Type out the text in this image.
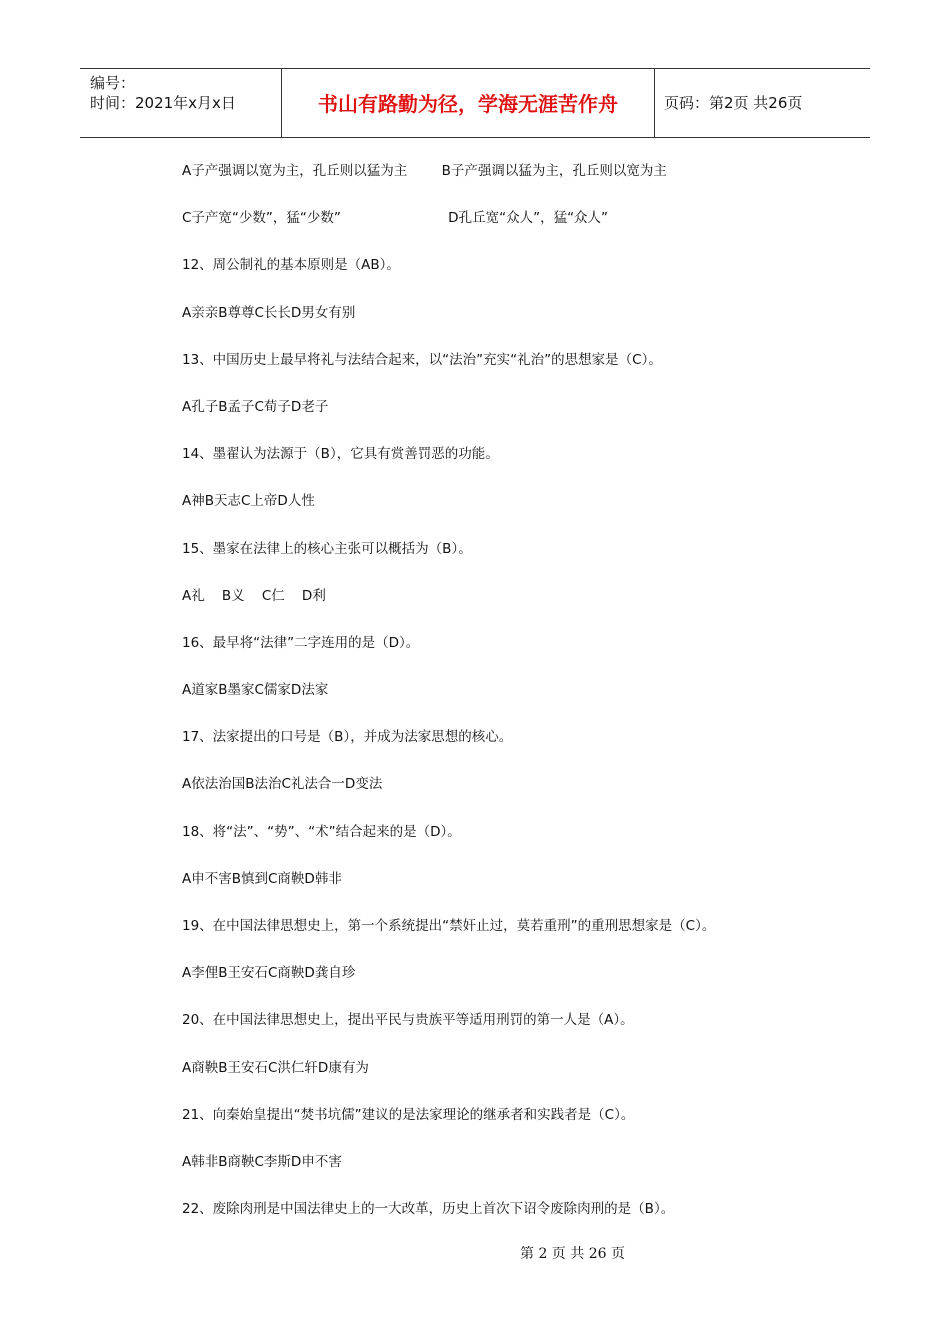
编号：
时间：2021年x月x日	书山有路勤为径，学海无涯苦作舟	页码：第2页 共26页
A子产强调以宽为主，孔丘则以猛为主        B子产强调以猛为主，孔丘则以宽为主
C子产宽“少数”，猛“少数”                         D孔丘宽“众人”，猛“众人”
12、周公制礼的基本原则是（AB）。
A亲亲B尊尊C长长D男女有别
13、中国历史上最早将礼与法结合起来，以“法治”充实“礼治”的思想家是（C）。
A孔子B孟子C荀子D老子
14、墨翟认为法源于（B），它具有赏善罚恶的功能。
A神B天志C上帝D人性
15、墨家在法律上的核心主张可以概括为（B）。
A礼    B义    C仁    D利
16、最早将“法律”二字连用的是（D）。
A道家B墨家C儒家D法家
17、法家提出的口号是（B），并成为法家思想的核心。
A依法治国B法治C礼法合一D变法
18、将“法”、“势”、“术”结合起来的是（D）。
A申不害B慎到C商鞅D韩非
19、在中国法律思想史上，第一个系统提出“禁奸止过，莫若重刑”的重刑思想家是（C）。
A李俚B王安石C商鞅D龚自珍
20、在中国法律思想史上，提出平民与贵族平等适用刑罚的第一人是（A）。
A商鞅B王安石C洪仁轩D康有为
21、向秦始皇提出“焚书坑儒”建议的是法家理论的继承者和实践者是（C）。
A韩非B商鞅C李斯D申不害
22、废除肉刑是中国法律史上的一大改革，历史上首次下诏令废除肉刑的是（B）。
第 2 页 共 26 页
